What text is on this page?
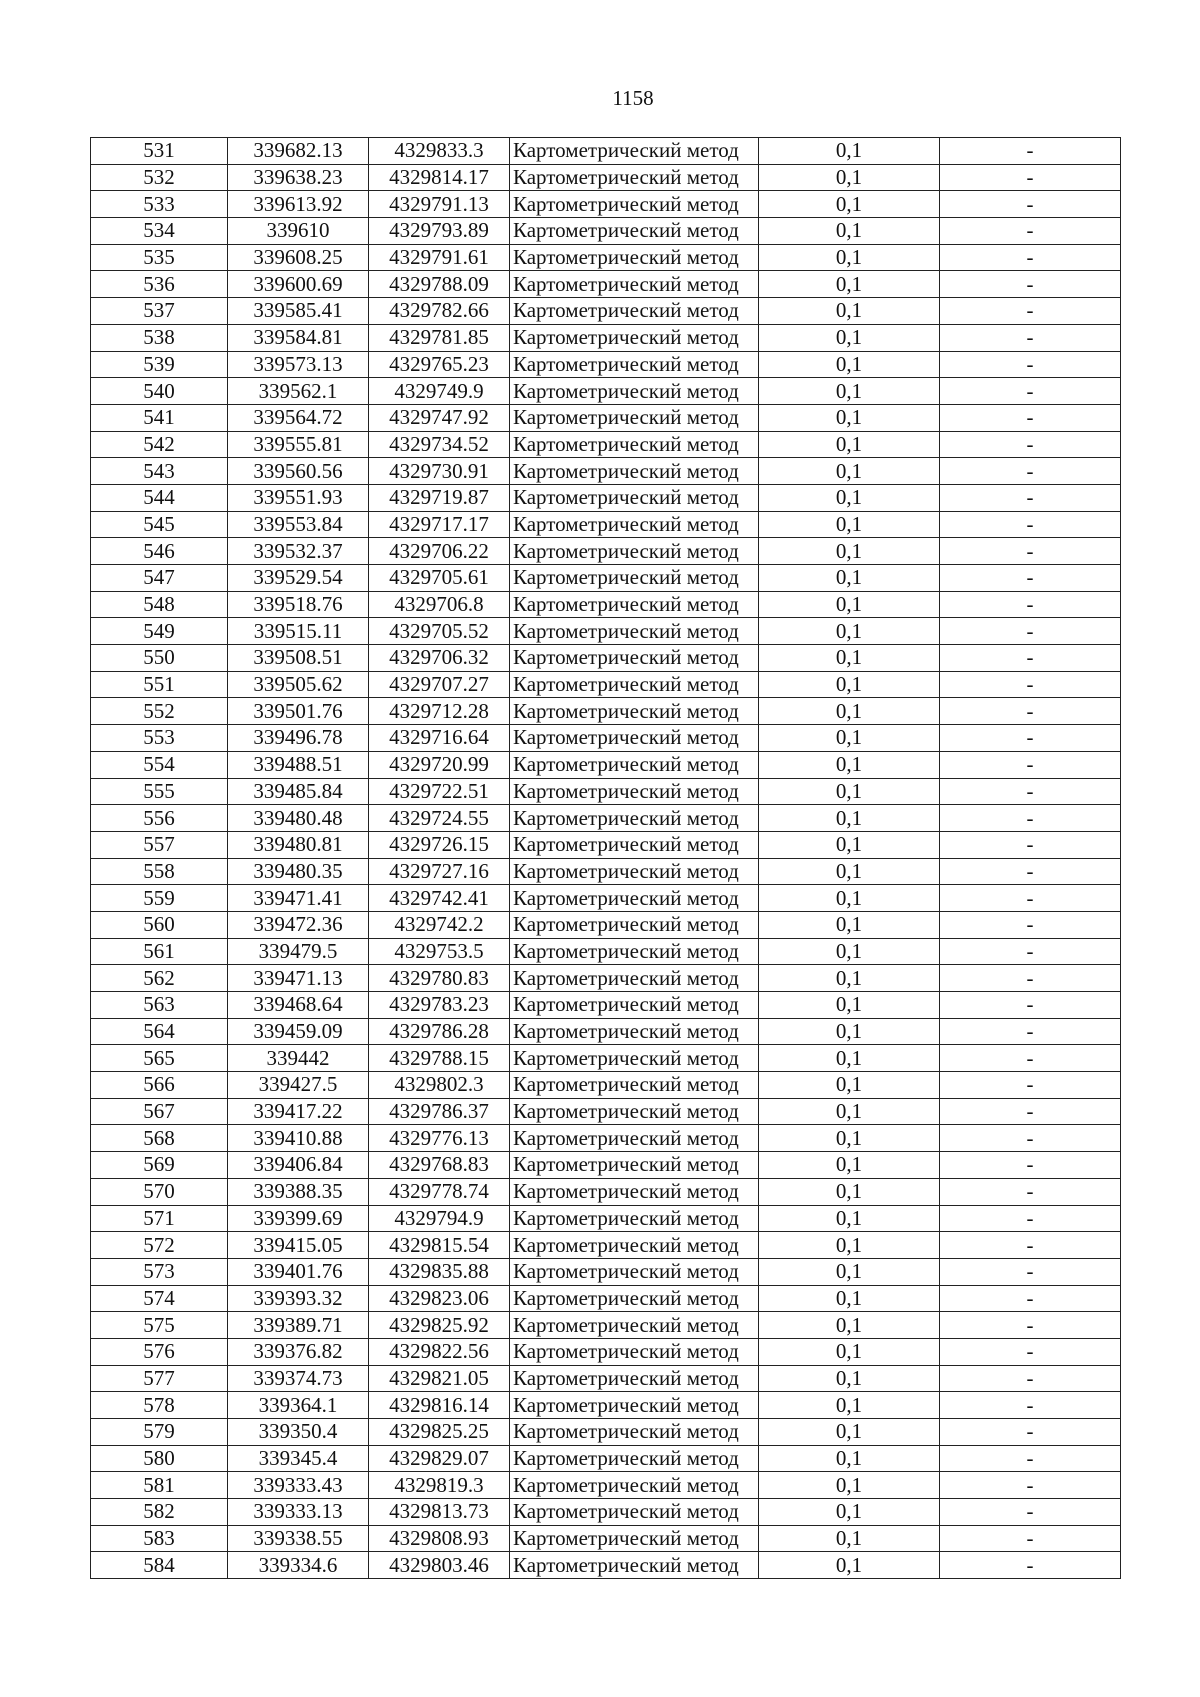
1158
531	339682.13	4329833.3	Картометрический метод	0,1	-
532	339638.23	4329814.17	Картометрический метод	0,1	-
533	339613.92	4329791.13	Картометрический метод	0,1	-
534	339610	4329793.89	Картометрический метод	0,1	-
535	339608.25	4329791.61	Картометрический метод	0,1	-
536	339600.69	4329788.09	Картометрический метод	0,1	-
537	339585.41	4329782.66	Картометрический метод	0,1	-
538	339584.81	4329781.85	Картометрический метод	0,1	-
539	339573.13	4329765.23	Картометрический метод	0,1	-
540	339562.1	4329749.9	Картометрический метод	0,1	-
541	339564.72	4329747.92	Картометрический метод	0,1	-
542	339555.81	4329734.52	Картометрический метод	0,1	-
543	339560.56	4329730.91	Картометрический метод	0,1	-
544	339551.93	4329719.87	Картометрический метод	0,1	-
545	339553.84	4329717.17	Картометрический метод	0,1	-
546	339532.37	4329706.22	Картометрический метод	0,1	-
547	339529.54	4329705.61	Картометрический метод	0,1	-
548	339518.76	4329706.8	Картометрический метод	0,1	-
549	339515.11	4329705.52	Картометрический метод	0,1	-
550	339508.51	4329706.32	Картометрический метод	0,1	-
551	339505.62	4329707.27	Картометрический метод	0,1	-
552	339501.76	4329712.28	Картометрический метод	0,1	-
553	339496.78	4329716.64	Картометрический метод	0,1	-
554	339488.51	4329720.99	Картометрический метод	0,1	-
555	339485.84	4329722.51	Картометрический метод	0,1	-
556	339480.48	4329724.55	Картометрический метод	0,1	-
557	339480.81	4329726.15	Картометрический метод	0,1	-
558	339480.35	4329727.16	Картометрический метод	0,1	-
559	339471.41	4329742.41	Картометрический метод	0,1	-
560	339472.36	4329742.2	Картометрический метод	0,1	-
561	339479.5	4329753.5	Картометрический метод	0,1	-
562	339471.13	4329780.83	Картометрический метод	0,1	-
563	339468.64	4329783.23	Картометрический метод	0,1	-
564	339459.09	4329786.28	Картометрический метод	0,1	-
565	339442	4329788.15	Картометрический метод	0,1	-
566	339427.5	4329802.3	Картометрический метод	0,1	-
567	339417.22	4329786.37	Картометрический метод	0,1	-
568	339410.88	4329776.13	Картометрический метод	0,1	-
569	339406.84	4329768.83	Картометрический метод	0,1	-
570	339388.35	4329778.74	Картометрический метод	0,1	-
571	339399.69	4329794.9	Картометрический метод	0,1	-
572	339415.05	4329815.54	Картометрический метод	0,1	-
573	339401.76	4329835.88	Картометрический метод	0,1	-
574	339393.32	4329823.06	Картометрический метод	0,1	-
575	339389.71	4329825.92	Картометрический метод	0,1	-
576	339376.82	4329822.56	Картометрический метод	0,1	-
577	339374.73	4329821.05	Картометрический метод	0,1	-
578	339364.1	4329816.14	Картометрический метод	0,1	-
579	339350.4	4329825.25	Картометрический метод	0,1	-
580	339345.4	4329829.07	Картометрический метод	0,1	-
581	339333.43	4329819.3	Картометрический метод	0,1	-
582	339333.13	4329813.73	Картометрический метод	0,1	-
583	339338.55	4329808.93	Картометрический метод	0,1	-
584	339334.6	4329803.46	Картометрический метод	0,1	-
